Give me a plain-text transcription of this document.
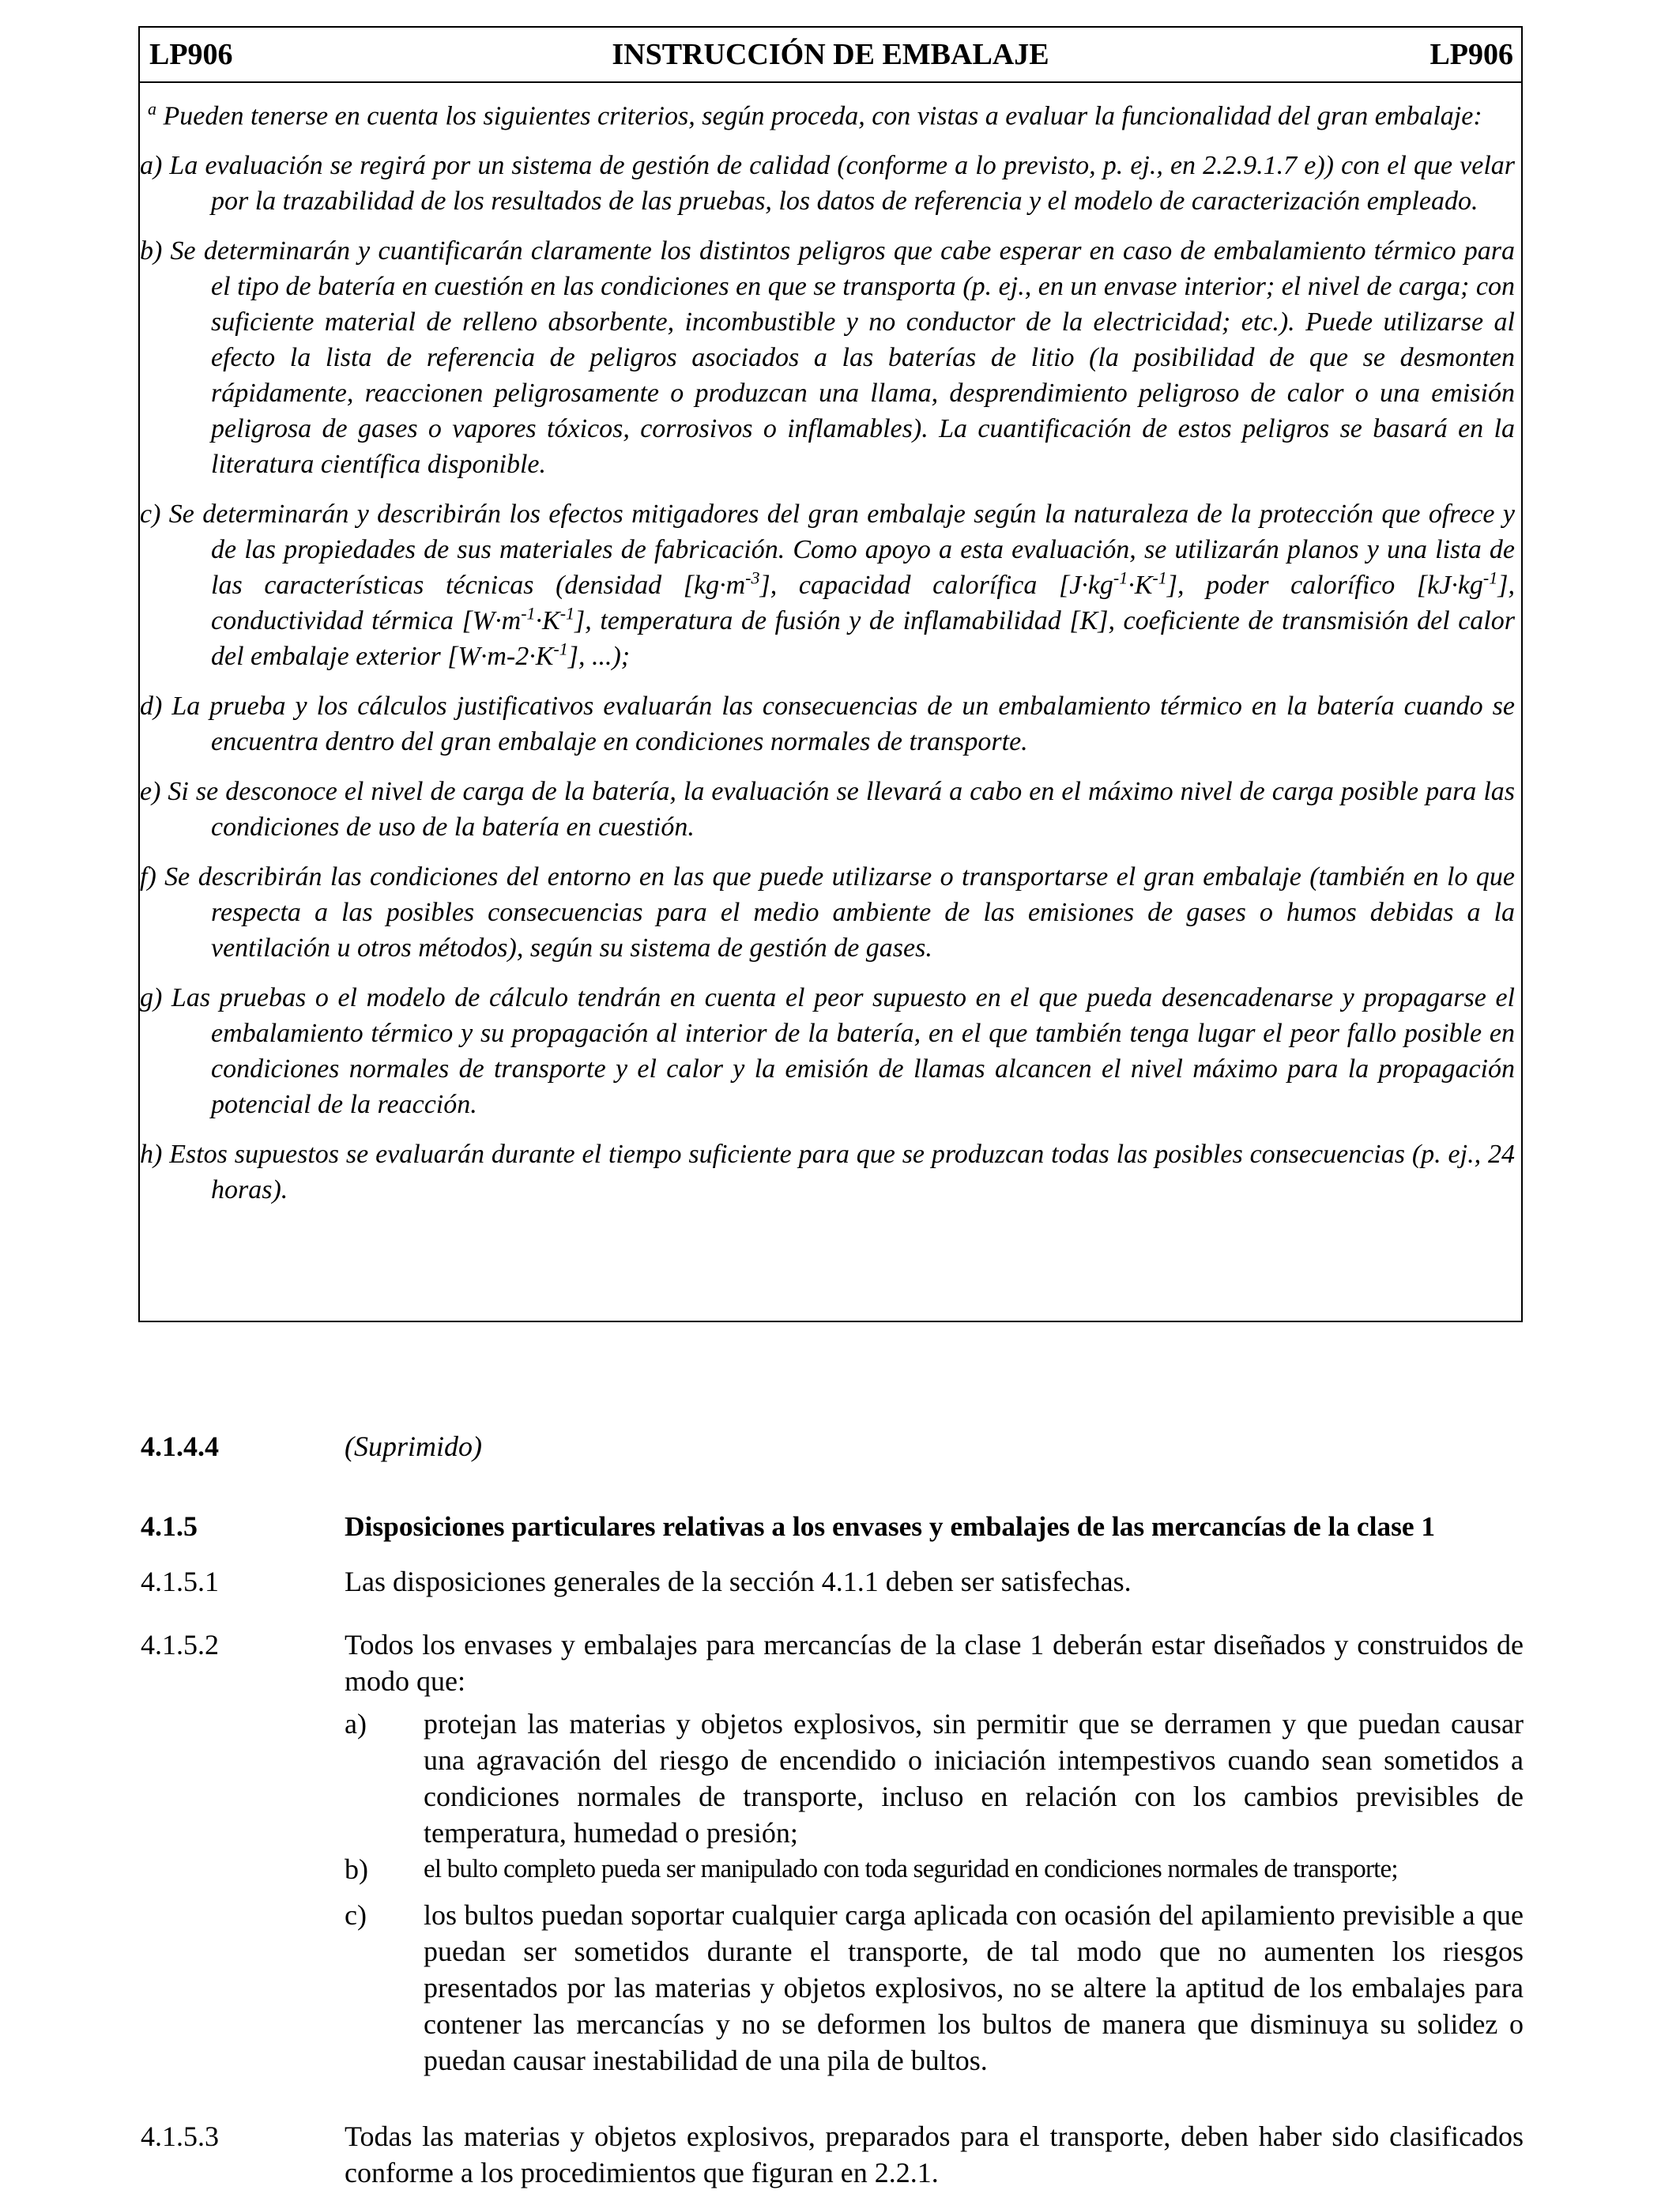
LP906	INSTRUCCIÓN DE EMBALAJE	LP906

$^a$ Pueden tenerse en cuenta los siguientes criterios, según proceda, con vistas a evaluar la funcionalidad del gran embalaje:

a) La evaluación se regirá por un sistema de gestión de calidad (conforme a lo previsto, p. ej., en 2.2.9.1.7 e)) con el que velar por la trazabilidad de los resultados de las pruebas, los datos de referencia y el modelo de caracterización empleado.

b) Se determinarán y cuantificarán claramente los distintos peligros que cabe esperar en caso de embalamiento térmico para el tipo de batería en cuestión en las condiciones en que se transporta (p. ej., en un envase interior; el nivel de carga; con suficiente material de relleno absorbente, incombustible y no conductor de la electricidad; etc.). Puede utilizarse al efecto la lista de referencia de peligros asociados a las baterías de litio (la posibilidad de que se desmonten rápidamente, reaccionen peligrosamente o produzcan una llama, desprendimiento peligroso de calor o una emisión peligrosa de gases o vapores tóxicos, corrosivos o inflamables). La cuantificación de estos peligros se basará en la literatura científica disponible.

c) Se determinarán y describirán los efectos mitigadores del gran embalaje según la naturaleza de la protección que ofrece y de las propiedades de sus materiales de fabricación. Como apoyo a esta evaluación, se utilizarán planos y una lista de las características técnicas (densidad $[kg\cdot m^{-3}]$, capacidad calorífica $[J\cdot kg^{-1}\cdot K^{-1}]$, poder calorífico $[kJ\cdot kg^{-1}]$, conductividad térmica $[W\cdot m^{-1}\cdot K^{-1}]$, temperatura de fusión y de inflamabilidad [K], coeficiente de transmisión del calor del embalaje exterior $[W\cdot m-2\cdot K^{-1}]$, ...);

d) La prueba y los cálculos justificativos evaluarán las consecuencias de un embalamiento térmico en la batería cuando se encuentra dentro del gran embalaje en condiciones normales de transporte.

e) Si se desconoce el nivel de carga de la batería, la evaluación se llevará a cabo en el máximo nivel de carga posible para las condiciones de uso de la batería en cuestión.

f) Se describirán las condiciones del entorno en las que puede utilizarse o transportarse el gran embalaje (también en lo que respecta a las posibles consecuencias para el medio ambiente de las emisiones de gases o humos debidas a la ventilación u otros métodos), según su sistema de gestión de gases.

g) Las pruebas o el modelo de cálculo tendrán en cuenta el peor supuesto en el que pueda desencadenarse y propagarse el embalamiento térmico y su propagación al interior de la batería, en el que también tenga lugar el peor fallo posible en condiciones normales de transporte y el calor y la emisión de llamas alcancen el nivel máximo para la propagación potencial de la reacción.

h) Estos supuestos se evaluarán durante el tiempo suficiente para que se produzcan todas las posibles consecuencias (p. ej., 24 horas).

4.1.4.4	(Suprimido)
4.1.5	Disposiciones particulares relativas a los envases y embalajes de las mercancías de la clase 1
4.1.5.1	Las disposiciones generales de la sección 4.1.1 deben ser satisfechas.
4.1.5.2	Todos los envases y embalajes para mercancías de la clase 1 deberán estar diseñados y construidos de modo que:
a) protejan las materias y objetos explosivos, sin permitir que se derramen y que puedan causar una agravación del riesgo de encendido o iniciación intempestivos cuando sean sometidos a condiciones normales de transporte, incluso en relación con los cambios previsibles de temperatura, humedad o presión;
b) el bulto completo pueda ser manipulado con toda seguridad en condiciones normales de transporte;
c) los bultos puedan soportar cualquier carga aplicada con ocasión del apilamiento previsible a que puedan ser sometidos durante el transporte, de tal modo que no aumenten los riesgos presentados por las materias y objetos explosivos, no se altere la aptitud de los embalajes para contener las mercancías y no se deformen los bultos de manera que disminuya su solidez o puedan causar inestabilidad de una pila de bultos.
4.1.5.3	Todas las materias y objetos explosivos, preparados para el transporte, deben haber sido clasificados conforme a los procedimientos que figuran en 2.2.1.
